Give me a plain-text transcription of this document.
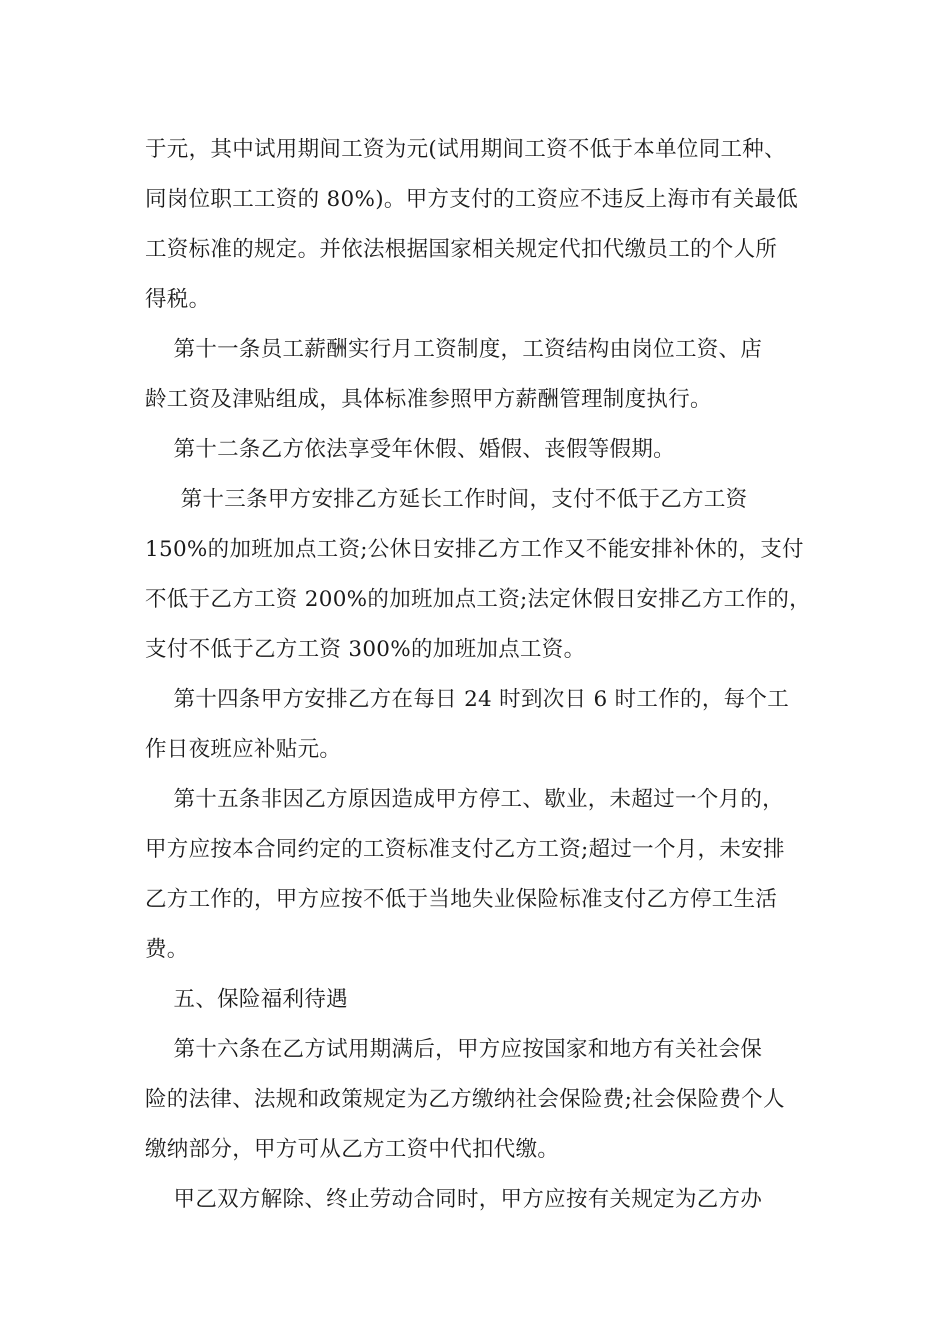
于元，其中试用期间工资为元(试用期间工资不低于本单位同工种、
同岗位职工工资的 80%)。甲方支付的工资应不违反上海市有关最低
工资标准的规定。并依法根据国家相关规定代扣代缴员工的个人所
得税。
第十一条员工薪酬实行月工资制度，工资结构由岗位工资、店
龄工资及津贴组成，具体标准参照甲方薪酬管理制度执行。
第十二条乙方依法享受年休假、婚假、丧假等假期。
第十三条甲方安排乙方延长工作时间，支付不低于乙方工资
150%的加班加点工资;公休日安排乙方工作又不能安排补休的，支付
不低于乙方工资 200%的加班加点工资;法定休假日安排乙方工作的，
支付不低于乙方工资 300%的加班加点工资。
第十四条甲方安排乙方在每日 24 时到次日 6 时工作的，每个工
作日夜班应补贴元。
第十五条非因乙方原因造成甲方停工、歇业，未超过一个月的，
甲方应按本合同约定的工资标准支付乙方工资;超过一个月，未安排
乙方工作的，甲方应按不低于当地失业保险标准支付乙方停工生活
费。
五、保险福利待遇
第十六条在乙方试用期满后，甲方应按国家和地方有关社会保
险的法律、法规和政策规定为乙方缴纳社会保险费;社会保险费个人
缴纳部分，甲方可从乙方工资中代扣代缴。
甲乙双方解除、终止劳动合同时，甲方应按有关规定为乙方办
